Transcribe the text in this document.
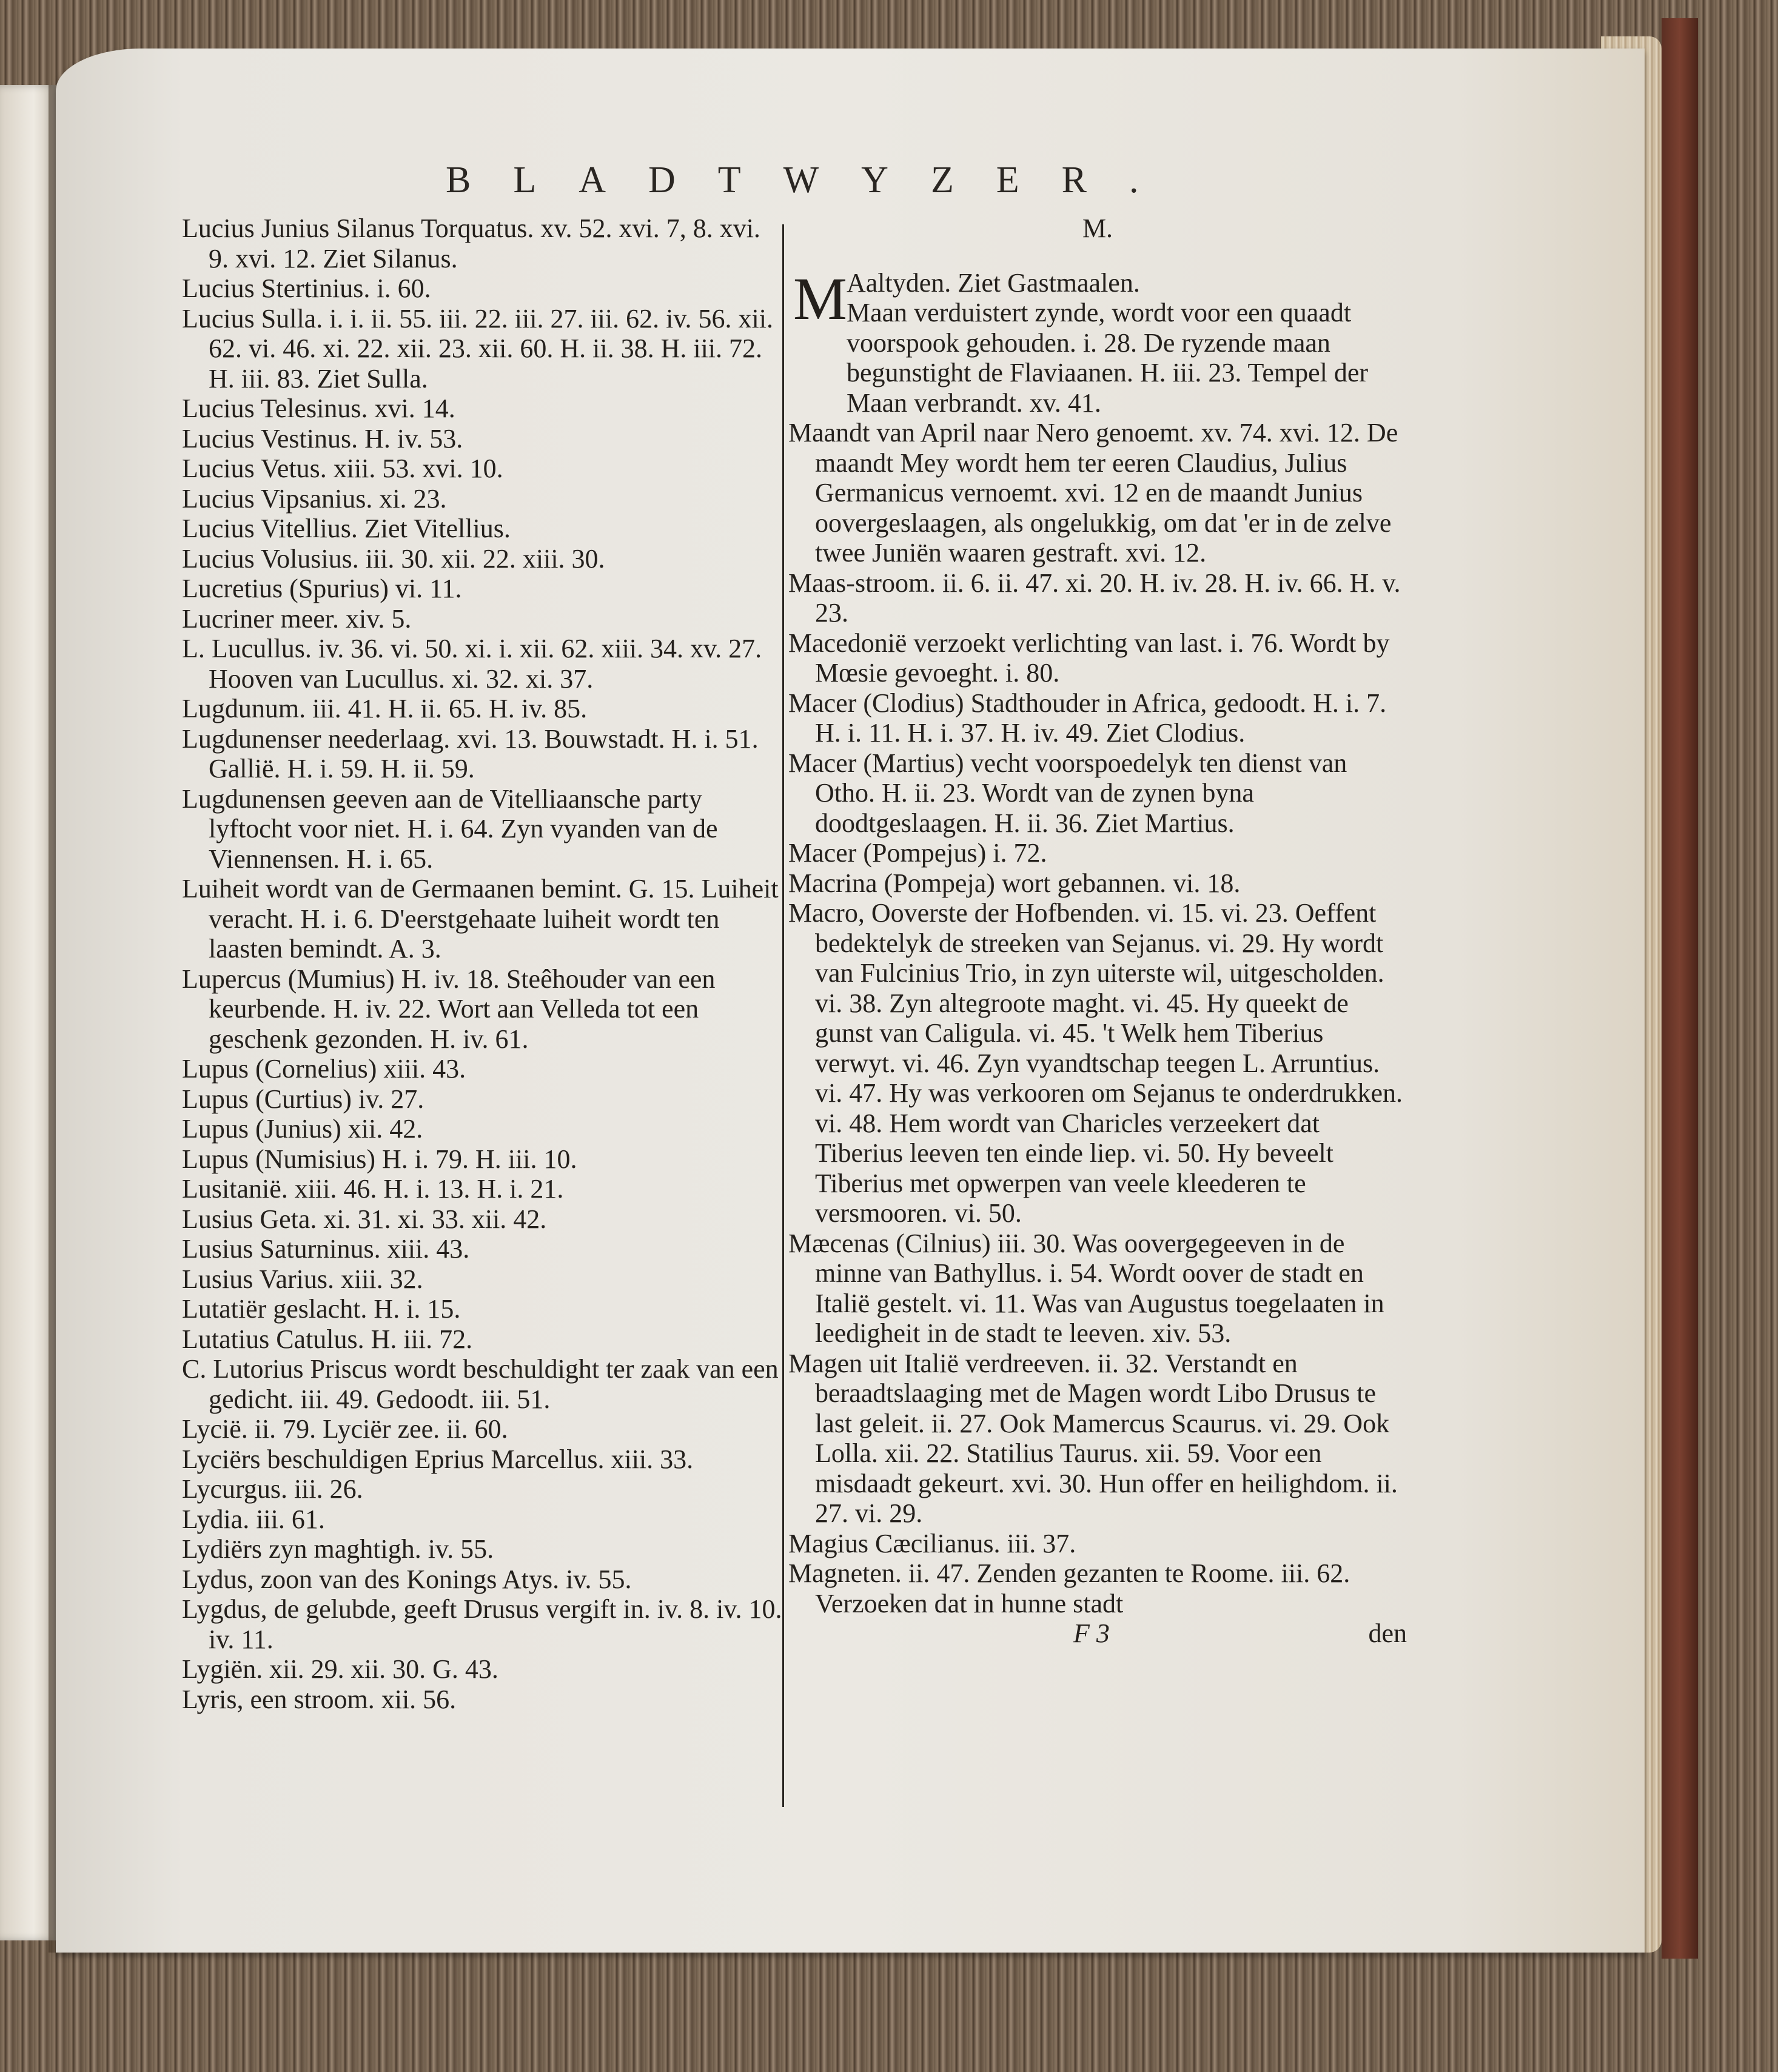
BLADTWYZER.

Lucius Junius Silanus Torquatus. xv. 52. xvi. 7, 8. xvi. 9. xvi. 12. Ziet Silanus.

Lucius Stertinius. i. 60.

Lucius Sulla. i. i. ii. 55. iii. 22. iii. 27. iii. 62. iv. 56. xii. 62. vi. 46. xi. 22. xii. 23. xii. 60. H. ii. 38. H. iii. 72. H. iii. 83. Ziet Sulla.

Lucius Telesinus. xvi. 14.

Lucius Vestinus. H. iv. 53.

Lucius Vetus. xiii. 53. xvi. 10.

Lucius Vipsanius. xi. 23.

Lucius Vitellius. Ziet Vitellius.

Lucius Volusius. iii. 30. xii. 22. xiii. 30.

Lucretius (Spurius) vi. 11.

Lucriner meer. xiv. 5.

L. Lucullus. iv. 36. vi. 50. xi. i. xii. 62. xiii. 34. xv. 27. Hooven van Lucullus. xi. 32. xi. 37.

Lugdunum. iii. 41. H. ii. 65. H. iv. 85.

Lugdunenser neederlaag. xvi. 13. Bouwstadt. H. i. 51. Gallië. H. i. 59. H. ii. 59.

Lugdunensen geeven aan de Vitelliaansche party lyftocht voor niet. H. i. 64. Zyn vyanden van de Viennensen. H. i. 65.

Luiheit wordt van de Germaanen bemint. G. 15. Luiheit veracht. H. i. 6. D'eerstgehaate luiheit wordt ten laasten bemindt. A. 3.

Lupercus (Mumius) H. iv. 18. Steêhouder van een keurbende. H. iv. 22. Wort aan Velleda tot een geschenk gezonden. H. iv. 61.

Lupus (Cornelius) xiii. 43.

Lupus (Curtius) iv. 27.

Lupus (Junius) xii. 42.

Lupus (Numisius) H. i. 79. H. iii. 10.

Lusitanië. xiii. 46. H. i. 13. H. i. 21.

Lusius Geta. xi. 31. xi. 33. xii. 42.

Lusius Saturninus. xiii. 43.

Lusius Varius. xiii. 32.

Lutatiër geslacht. H. i. 15.

Lutatius Catulus. H. iii. 72.

C. Lutorius Priscus wordt beschuldight ter zaak van een gedicht. iii. 49. Gedoodt. iii. 51.

Lycië. ii. 79. Lyciër zee. ii. 60.

Lyciërs beschuldigen Eprius Marcellus. xiii. 33.

Lycurgus. iii. 26.

Lydia. iii. 61.

Lydiërs zyn maghtigh. iv. 55.

Lydus, zoon van des Konings Atys. iv. 55.

Lygdus, de gelubde, geeft Drusus vergift in. iv. 8. iv. 10. iv. 11.

Lygiën. xii. 29. xii. 30. G. 43.

Lyris, een stroom. xii. 56.

M.

M Aaltyden. Ziet Gastmaalen.

Maan verduistert zynde, wordt voor een quaadt voorspook gehouden. i. 28. De ryzende maan begunstight de Flaviaanen. H. iii. 23. Tempel der Maan verbrandt. xv. 41.

Maandt van April naar Nero genoemt. xv. 74. xvi. 12. De maandt Mey wordt hem ter eeren Claudius, Julius Germanicus vernoemt. xvi. 12 en de maandt Junius oovergeslaagen, als ongelukkig, om dat 'er in de zelve twee Juniën waaren gestraft. xvi. 12.

Maas-stroom. ii. 6. ii. 47. xi. 20. H. iv. 28. H. iv. 66. H. v. 23.

Macedonië verzoekt verlichting van last. i. 76. Wordt by Mœsie gevoeght. i. 80.

Macer (Clodius) Stadthouder in Africa, gedoodt. H. i. 7. H. i. 11. H. i. 37. H. iv. 49. Ziet Clodius.

Macer (Martius) vecht voorspoedelyk ten dienst van Otho. H. ii. 23. Wordt van de zynen byna doodtgeslaagen. H. ii. 36. Ziet Martius.

Macer (Pompejus) i. 72.

Macrina (Pompeja) wort gebannen. vi. 18.

Macro, Ooverste der Hofbenden. vi. 15. vi. 23. Oeffent bedektelyk de streeken van Sejanus. vi. 29. Hy wordt van Fulcinius Trio, in zyn uiterste wil, uitgescholden. vi. 38. Zyn altegroote maght. vi. 45. Hy queekt de gunst van Caligula. vi. 45. 't Welk hem Tiberius verwyt. vi. 46. Zyn vyandtschap teegen L. Arruntius. vi. 47. Hy was verkooren om Sejanus te onderdrukken. vi. 48. Hem wordt van Charicles verzeekert dat Tiberius leeven ten einde liep. vi. 50. Hy beveelt Tiberius met opwerpen van veele kleederen te versmooren. vi. 50.

Mæcenas (Cilnius) iii. 30. Was oovergegeeven in de minne van Bathyllus. i. 54. Wordt oover de stadt en Italië gestelt. vi. 11. Was van Augustus toegelaaten in leedigheit in de stadt te leeven. xiv. 53.

Magen uit Italië verdreeven. ii. 32. Verstandt en beraadtslaaging met de Magen wordt Libo Drusus te last geleit. ii. 27. Ook Mamercus Scaurus. vi. 29. Ook Lolla. xii. 22. Statilius Taurus. xii. 59. Voor een misdaadt gekeurt. xvi. 30. Hun offer en heilighdom. ii. 27. vi. 29.

Magius Cæcilianus. iii. 37.

Magneten. ii. 47. Zenden gezanten te Roome. iii. 62. Verzoeken dat in hunne stadt

F 3	den
